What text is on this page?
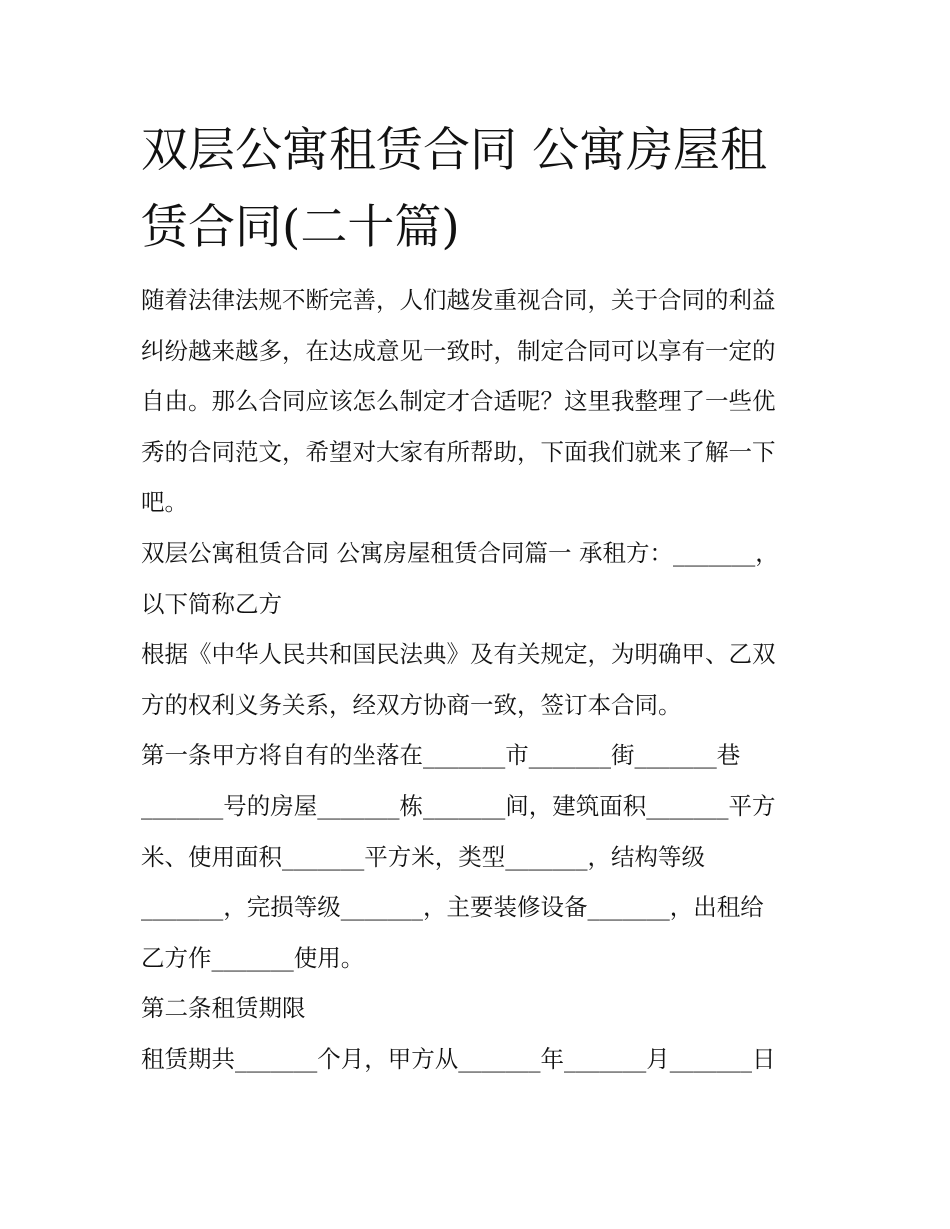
双层公寓租赁合同 公寓房屋租
赁合同(二十篇)
随着法律法规不断完善，人们越发重视合同，关于合同的利益
纠纷越来越多，在达成意见一致时，制定合同可以享有一定的
自由。那么合同应该怎么制定才合适呢？这里我整理了一些优
秀的合同范文，希望对大家有所帮助，下面我们就来了解一下
吧。
双层公寓租赁合同 公寓房屋租赁合同篇一 承租方：_______，
以下简称乙方
根据《中华人民共和国民法典》及有关规定，为明确甲、乙双
方的权利义务关系，经双方协商一致，签订本合同。
第一条甲方将自有的坐落在_______市_______街_______巷
_______号的房屋_______栋_______间，建筑面积_______平方
米、使用面积_______平方米，类型_______，结构等级
_______，完损等级_______，主要装修设备_______，出租给
乙方作_______使用。
第二条租赁期限
租赁期共_______个月，甲方从_______年_______月_______日
